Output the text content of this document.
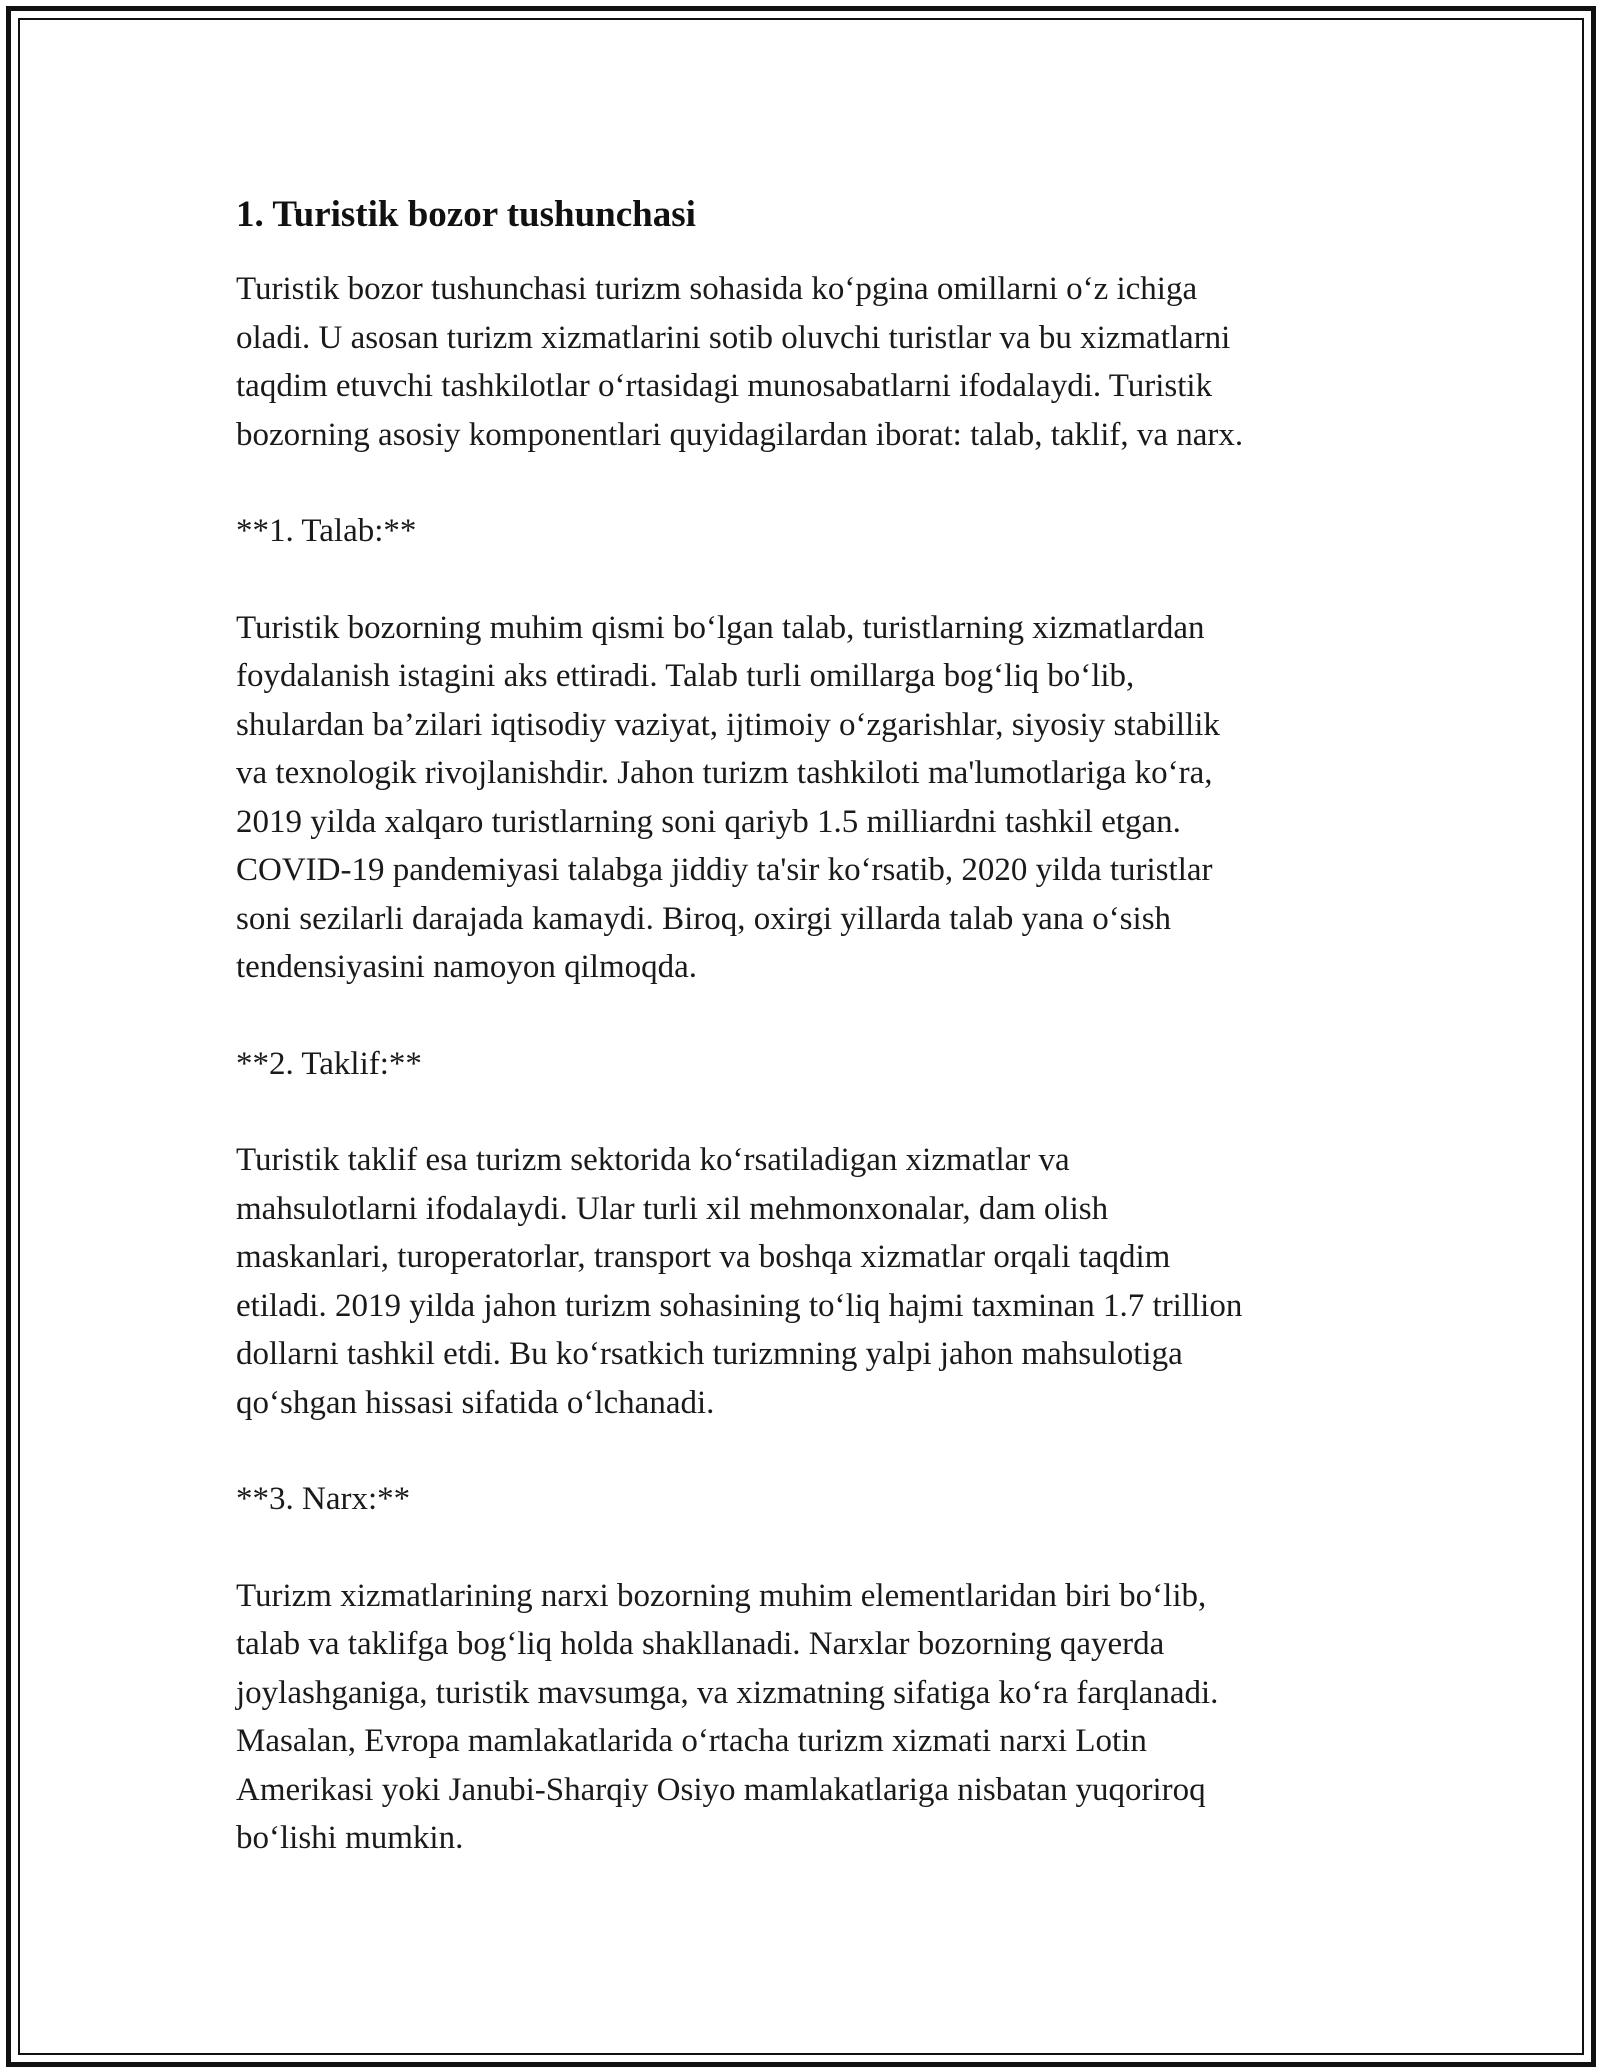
1. Turistik bozor tushunchasi

Turistik bozor tushunchasi turizm sohasida ko‘pgina omillarni o‘z ichiga
oladi. U asosan turizm xizmatlarini sotib oluvchi turistlar va bu xizmatlarni
taqdim etuvchi tashkilotlar o‘rtasidagi munosabatlarni ifodalaydi. Turistik
bozorning asosiy komponentlari quyidagilardan iborat: talab, taklif, va narx.

**1. Talab:**

Turistik bozorning muhim qismi bo‘lgan talab, turistlarning xizmatlardan
foydalanish istagini aks ettiradi. Talab turli omillarga bog‘liq bo‘lib,
shulardan ba’zilari iqtisodiy vaziyat, ijtimoiy o‘zgarishlar, siyosiy stabillik
va texnologik rivojlanishdir. Jahon turizm tashkiloti ma'lumotlariga ko‘ra,
2019 yilda xalqaro turistlarning soni qariyb 1.5 milliardni tashkil etgan.
COVID-19 pandemiyasi talabga jiddiy ta'sir ko‘rsatib, 2020 yilda turistlar
soni sezilarli darajada kamaydi. Biroq, oxirgi yillarda talab yana o‘sish
tendensiyasini namoyon qilmoqda.

**2. Taklif:**

Turistik taklif esa turizm sektorida ko‘rsatiladigan xizmatlar va
mahsulotlarni ifodalaydi. Ular turli xil mehmonxonalar, dam olish
maskanlari, turoperatorlar, transport va boshqa xizmatlar orqali taqdim
etiladi. 2019 yilda jahon turizm sohasining to‘liq hajmi taxminan 1.7 trillion
dollarni tashkil etdi. Bu ko‘rsatkich turizmning yalpi jahon mahsulotiga
qo‘shgan hissasi sifatida o‘lchanadi.

**3. Narx:**

Turizm xizmatlarining narxi bozorning muhim elementlaridan biri bo‘lib,
talab va taklifga bog‘liq holda shakllanadi. Narxlar bozorning qayerda
joylashganiga, turistik mavsumga, va xizmatning sifatiga ko‘ra farqlanadi.
Masalan, Evropa mamlakatlarida o‘rtacha turizm xizmati narxi Lotin
Amerikasi yoki Janubi-Sharqiy Osiyo mamlakatlariga nisbatan yuqoriroq
bo‘lishi mumkin.
